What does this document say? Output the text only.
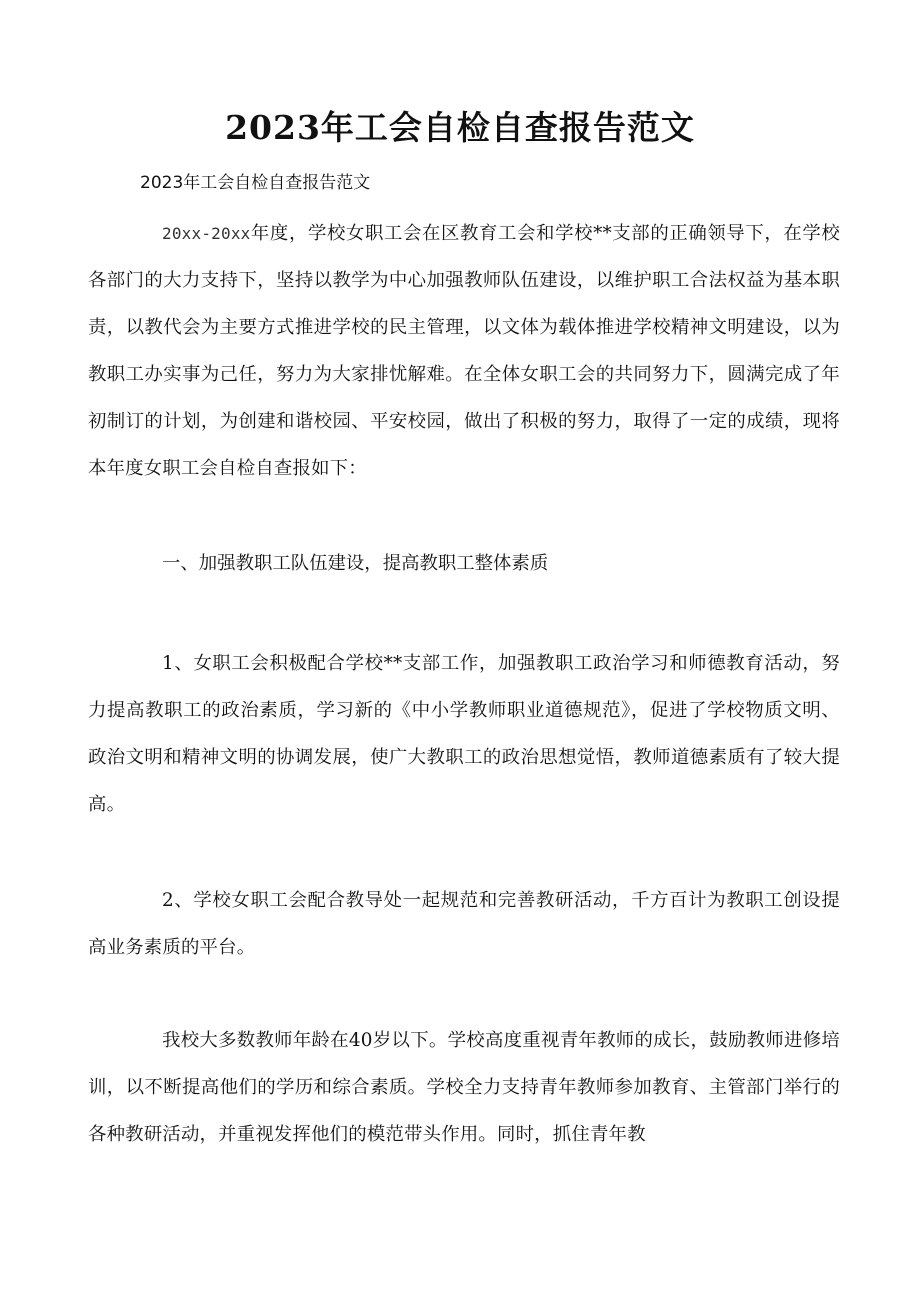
2023年工会自检自查报告范文

2023年工会自检自查报告范文

20xx-20xx年度，学校女职工会在区教育工会和学校**支部的正确领导下，在学校各部门的大力支持下，坚持以教学为中心加强教师队伍建设，以维护职工合法权益为基本职责，以教代会为主要方式推进学校的民主管理，以文体为载体推进学校精神文明建设，以为教职工办实事为己任，努力为大家排忧解难。在全体女职工会的共同努力下，圆满完成了年初制订的计划，为创建和谐校园、平安校园，做出了积极的努力，取得了一定的成绩，现将本年度女职工会自检自查报如下：

一、加强教职工队伍建设，提高教职工整体素质

1、女职工会积极配合学校**支部工作，加强教职工政治学习和师德教育活动，努力提高教职工的政治素质，学习新的《中小学教师职业道德规范》，促进了学校物质文明、政治文明和精神文明的协调发展，使广大教职工的政治思想觉悟，教师道德素质有了较大提高。

2、学校女职工会配合教导处一起规范和完善教研活动，千方百计为教职工创设提高业务素质的平台。

我校大多数教师年龄在40岁以下。学校高度重视青年教师的成长，鼓励教师进修培训，以不断提高他们的学历和综合素质。学校全力支持青年教师参加教育、主管部门举行的各种教研活动，并重视发挥他们的模范带头作用。同时，抓住青年教
